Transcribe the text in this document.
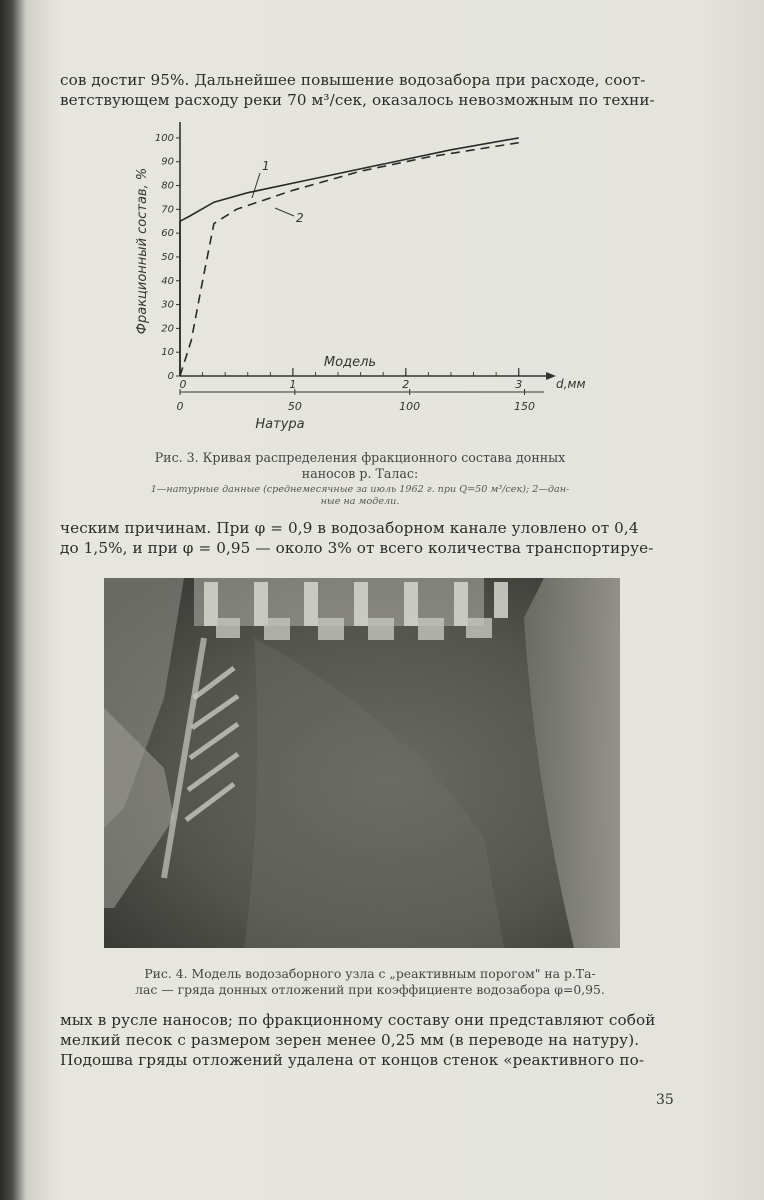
сов достиг 95%. Дальнейшее повышение водозабора при расходе, соот-
ветствующем расходу реки 70 м³/сек, оказалось невозможным по техни-
0
10
20
30
40
50
60
70
80
90
100
0	1	2	3
0	50	100	150
1
2
Фракционный состав, %
Модель
d,мм
Натура
Рис. 3. Кривая распределения фракционного состава донных
наносов р. Талас:
1—натурные данные (среднемесячные за июль 1962 г. при Q=50 м³/сек); 2—дан-
ные на модели.
ческим причинам. При φ = 0,9 в водозаборном канале уловлено от 0,4
до 1,5%, и при φ = 0,95 — около 3% от всего количества транспортируе-
Рис. 4. Модель водозаборного узла с „реактивным порогом" на р.Та-
лас — гряда донных отложений при коэффициенте водозабора φ=0,95.
мых в русле наносов; по фракционному составу они представляют собой
мелкий песок с размером зерен менее 0,25 мм (в переводе на натуру).
Подошва гряды отложений удалена от концов стенок «реактивного по-
35
